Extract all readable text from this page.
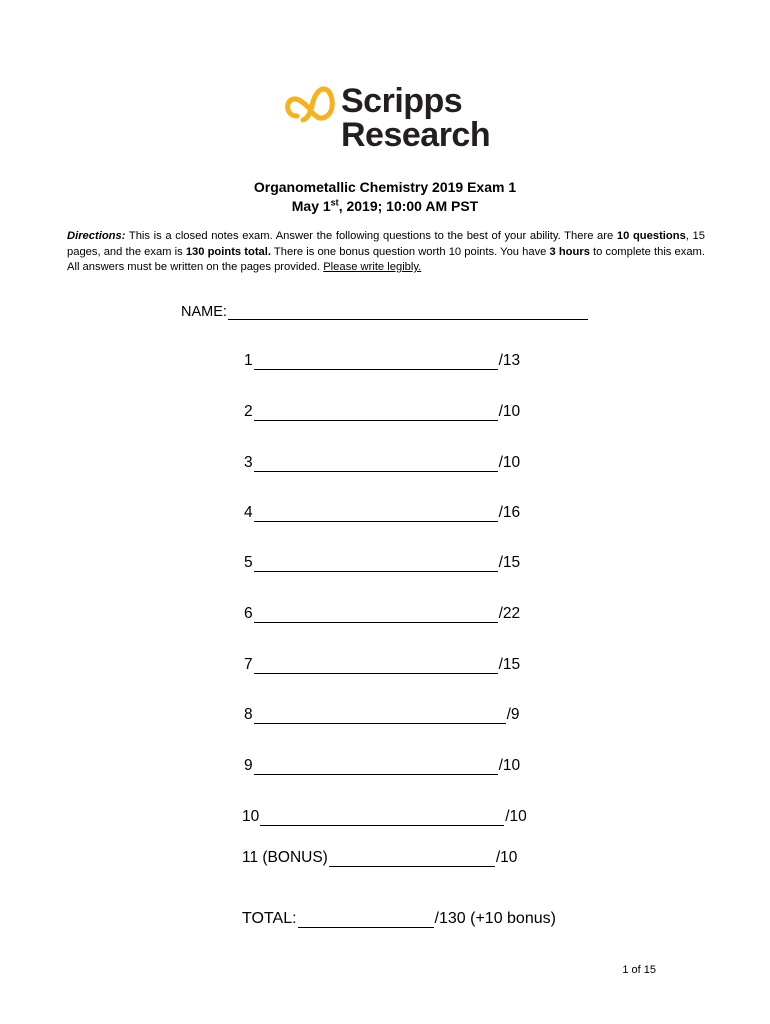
Scripps
Research
Organometallic Chemistry 2019 Exam 1
May 1st, 2019; 10:00 AM PST
Directions: This is a closed notes exam. Answer the following questions to the best of your ability. There are 10 questions, 15 pages, and the exam is 130 points total. There is one bonus question worth 10 points. You have 3 hours to complete this exam. All answers must be written on the pages provided. Please write legibly.
NAME:
1	/13
2	/10
3	/10
4	/16
5	/15
6	/22
7	/15
8	/9
9	/10
10	/10
11 (BONUS)	/10
TOTAL:	/130 (+10 bonus)
1 of 15
